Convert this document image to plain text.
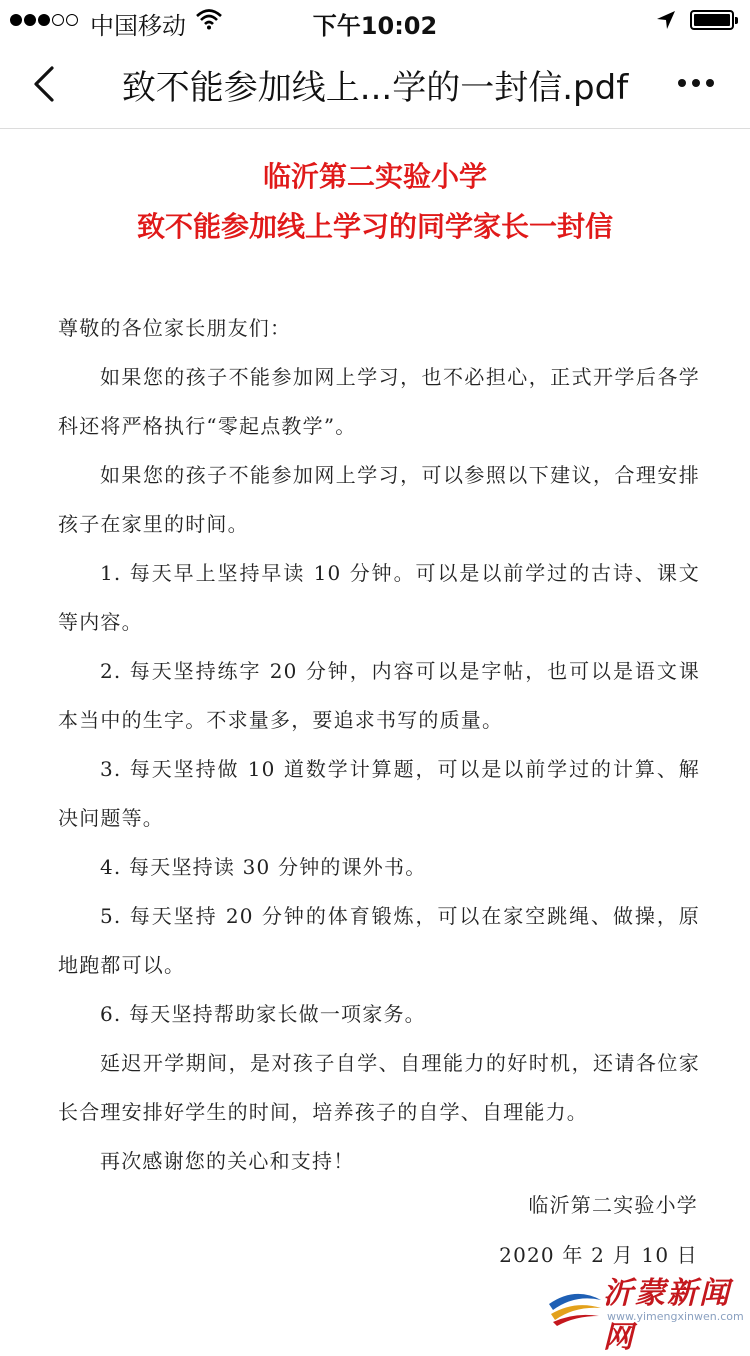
中国移动	下午10:02
致不能参加线上...学的一封信.pdf
临沂第二实验小学
致不能参加线上学习的同学家长一封信

尊敬的各位家长朋友们：

如果您的孩子不能参加网上学习，也不必担心，正式开学后各学科还将严格执行“零起点教学”。

如果您的孩子不能参加网上学习，可以参照以下建议，合理安排孩子在家里的时间。

1. 每天早上坚持早读 10 分钟。可以是以前学过的古诗、课文等内容。

2. 每天坚持练字 20 分钟，内容可以是字帖，也可以是语文课本当中的生字。不求量多，要追求书写的质量。

3. 每天坚持做 10 道数学计算题，可以是以前学过的计算、解决问题等。

4. 每天坚持读 30 分钟的课外书。

5. 每天坚持 20 分钟的体育锻炼，可以在家空跳绳、做操，原地跑都可以。

6. 每天坚持帮助家长做一项家务。

延迟开学期间，是对孩子自学、自理能力的好时机，还请各位家长合理安排好学生的时间，培养孩子的自学、自理能力。

再次感谢您的关心和支持！

临沂第二实验小学
2020 年 2 月 10 日
沂蒙新闻网
www.yimengxinwen.com
